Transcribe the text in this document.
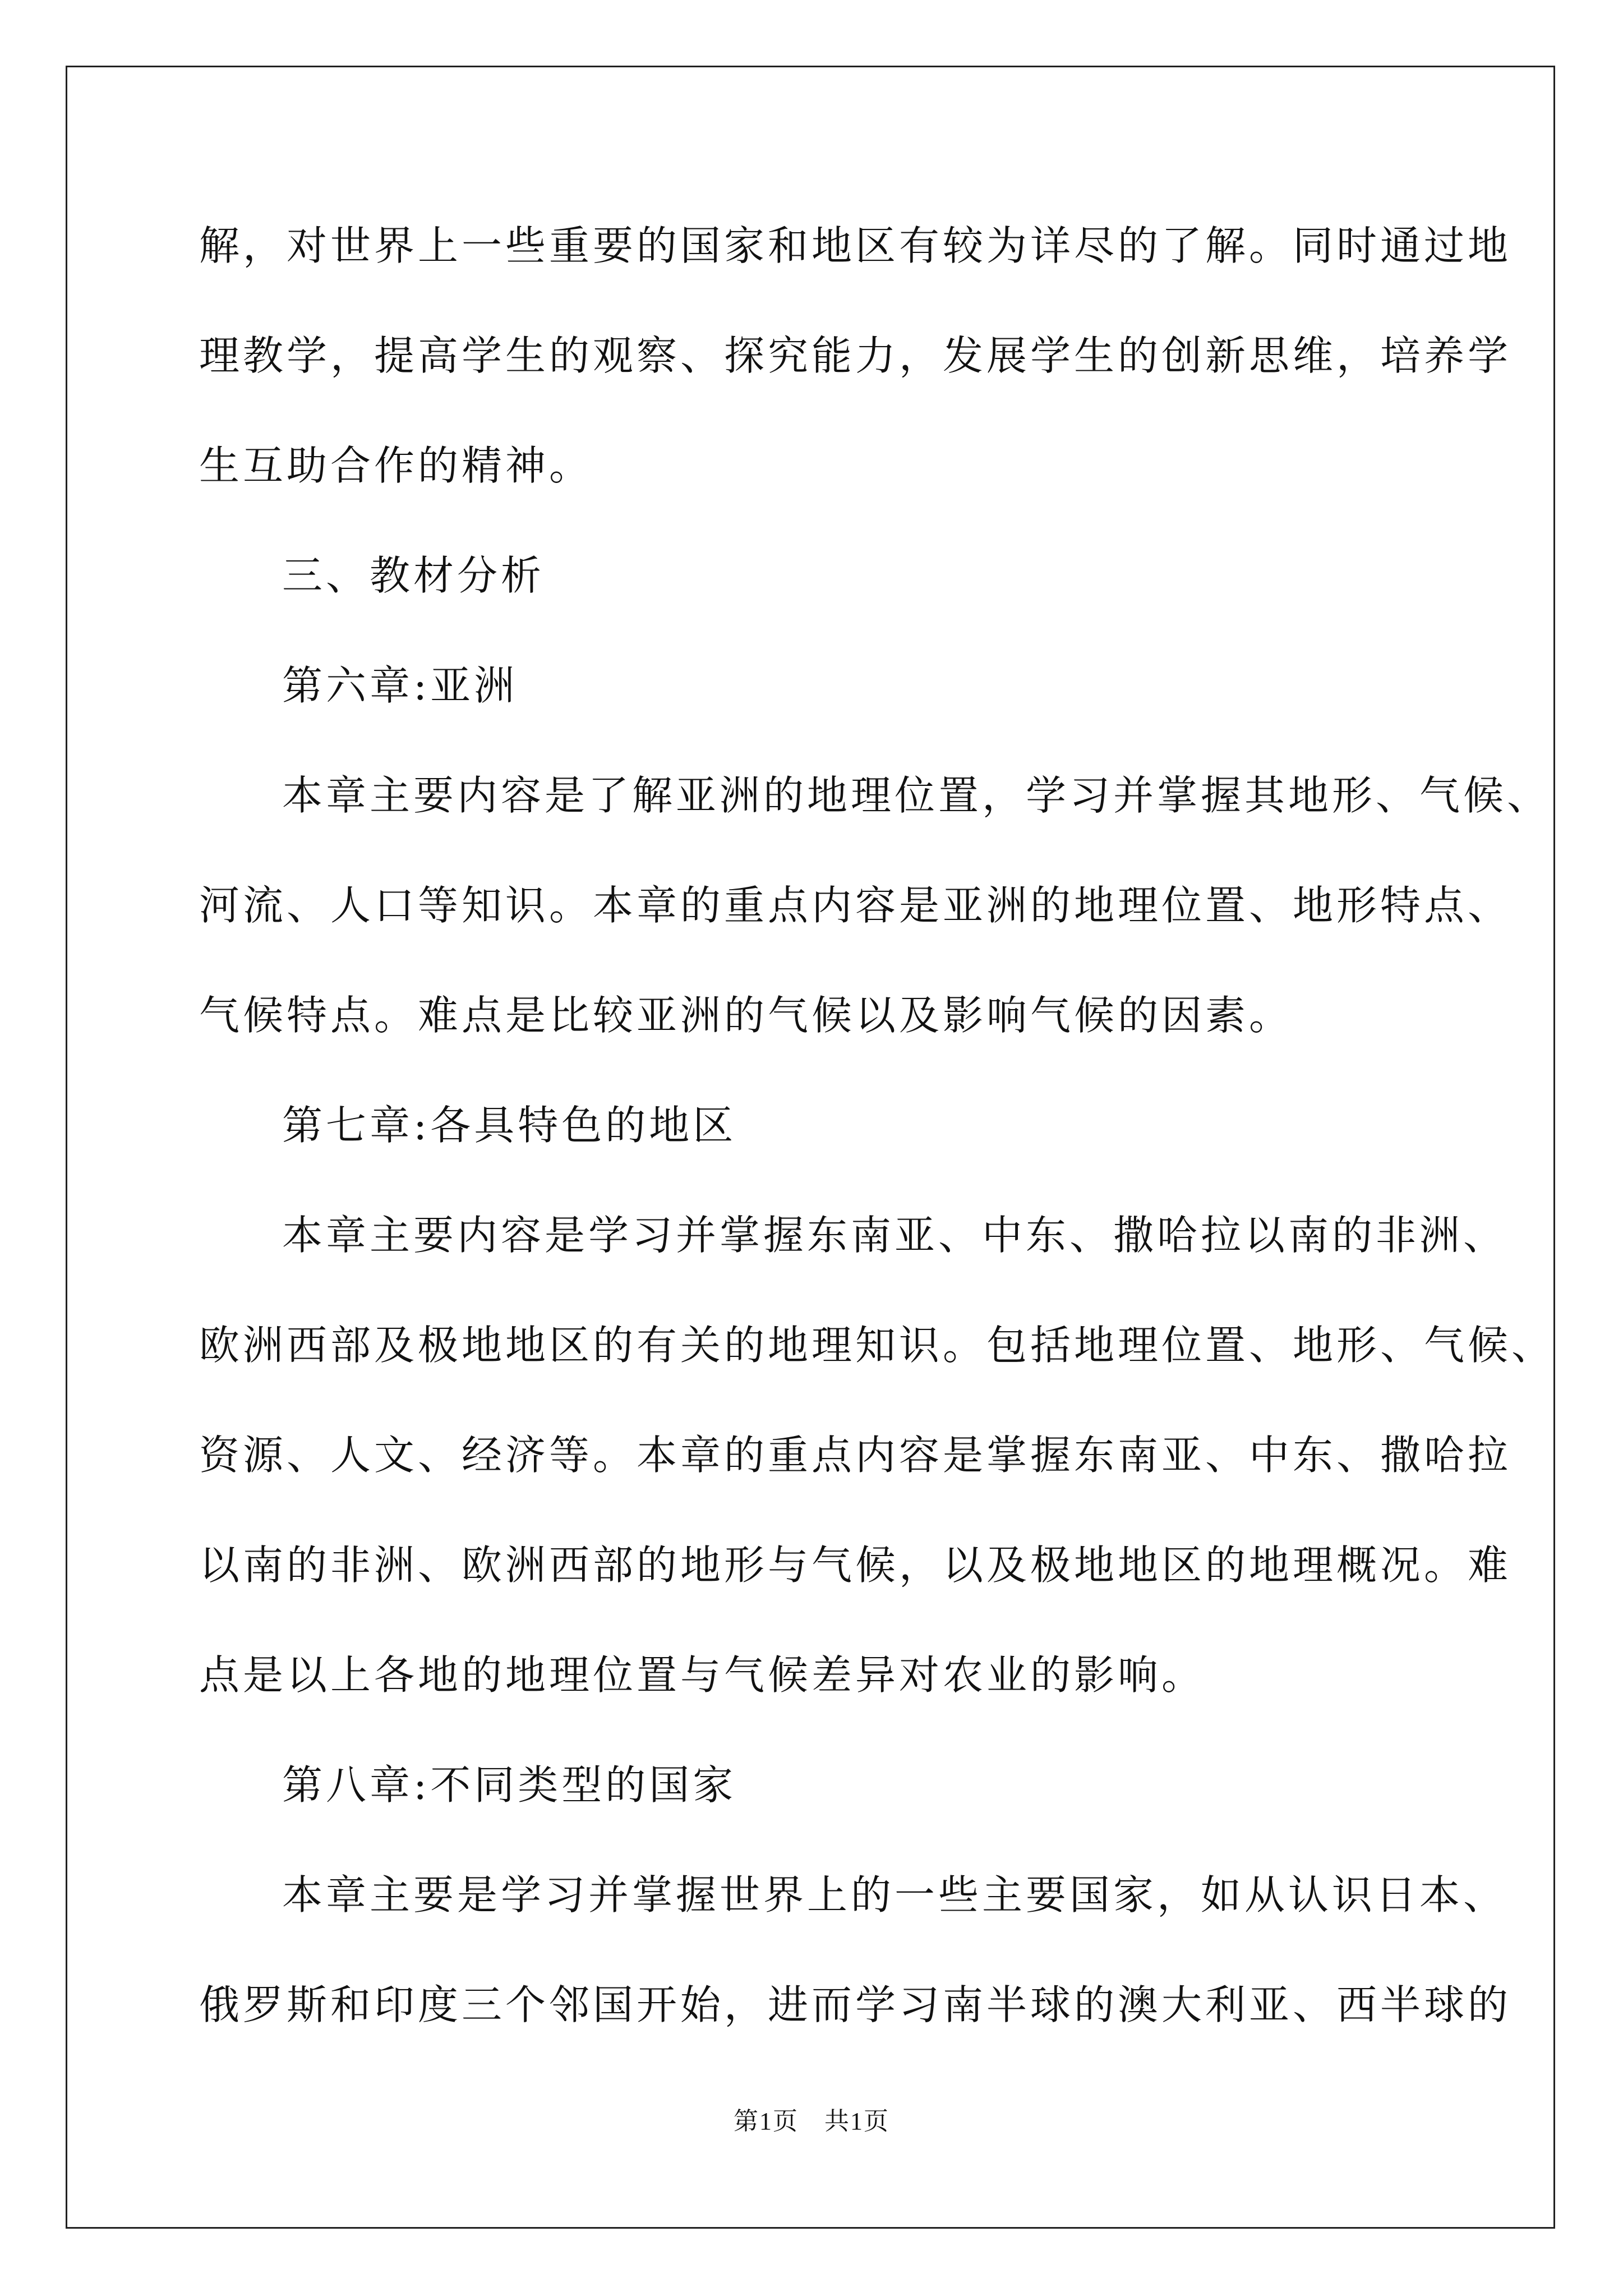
解，对世界上一些重要的国家和地区有较为详尽的了解。同时通过地
理教学，提高学生的观察、探究能力，发展学生的创新思维，培养学
生互助合作的精神。
三、教材分析
第六章:亚洲
本章主要内容是了解亚洲的地理位置，学习并掌握其地形、气候、
河流、人口等知识。本章的重点内容是亚洲的地理位置、地形特点、
气候特点。难点是比较亚洲的气候以及影响气候的因素。
第七章:各具特色的地区
本章主要内容是学习并掌握东南亚、中东、撒哈拉以南的非洲、
欧洲西部及极地地区的有关的地理知识。包括地理位置、地形、气候、
资源、人文、经济等。本章的重点内容是掌握东南亚、中东、撒哈拉
以南的非洲、欧洲西部的地形与气候，以及极地地区的地理概况。难
点是以上各地的地理位置与气候差异对农业的影响。
第八章:不同类型的国家
本章主要是学习并掌握世界上的一些主要国家，如从认识日本、
俄罗斯和印度三个邻国开始，进而学习南半球的澳大利亚、西半球的
第1页　共1页
